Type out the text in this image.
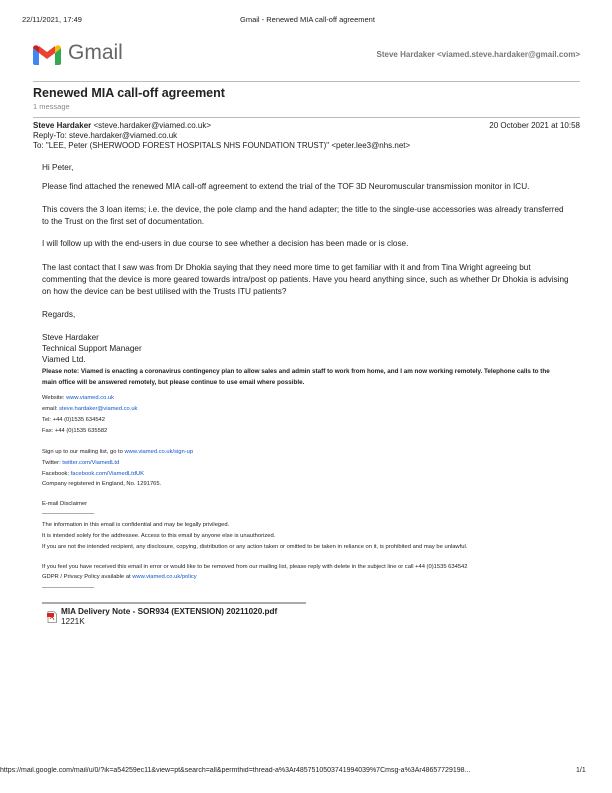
22/11/2021, 17:49	Gmail - Renewed MIA call-off agreement
Gmail	Steve Hardaker <viamed.steve.hardaker@gmail.com>
Renewed MIA call-off agreement
1 message
Steve Hardaker <steve.hardaker@viamed.co.uk>	20 October 2021 at 10:58
Reply-To: steve.hardaker@viamed.co.uk
To: "LEE, Peter (SHERWOOD FOREST HOSPITALS NHS FOUNDATION TRUST)" <peter.lee3@nhs.net>
Hi Peter,
Please find attached the renewed MIA call-off agreement to extend the trial of the TOF 3D Neuromuscular transmission monitor in ICU.
This covers the 3 loan items; i.e. the device, the pole clamp and the hand adapter; the title to the single-use accessories was already transferred to the Trust on the first set of documentation.
I will follow up with the end-users in due course to see whether a decision has been made or is close.
The last contact that I saw was from Dr Dhokia saying that they need more time to get familiar with it and from Tina Wright agreeing but commenting that the device is more geared towards intra/post op patients. Have you heard anything since, such as whether Dr Dhokia is advising on how the device can be best utilised with the Trusts ITU patients?
Regards,
Steve Hardaker
Technical Support Manager
Viamed Ltd.
Please note: Viamed is enacting a coronavirus contingency plan to allow sales and admin staff to work from home, and I am now working remotely. Telephone calls to the main office will be answered remotely, but please continue to use email where possible.
Website: www.viamed.co.uk
email: steve.hardaker@viamed.co.uk
Tel: +44 (0)1535 634542
Fax: +44 (0)1535 635582
Sign up to our mailing list, go to www.viamed.co.uk/sign-up
Twitter: twitter.com/ViamedLtd
Facebook: facebook.com/ViamedLtdUK
Company registered in England, No. 1291765.
E-mail Disclaimer
—————————
The information in this email is confidential and may be legally privileged.
It is intended solely for the addressee. Access to this email by anyone else is unauthorized.
If you are not the intended recipient, any disclosure, copying, distribution or any action taken or omitted to be taken in reliance on it, is prohibited and may be unlawful.
If you feel you have received this email in error or would like to be removed from our mailing list, please reply with delete in the subject line or call +44 (0)1535 634542
GDPR / Privacy Policy available at www.viamed.co.uk/policy
—————————
MIA Delivery Note - SOR934 (EXTENSION) 20211020.pdf
1221K
https://mail.google.com/mail/u/0/?ik=a54259ec11&view=pt&search=all&permthid=thread-a%3Ar4857510503741994039%7Cmsg-a%3Ar48657729198...	1/1
